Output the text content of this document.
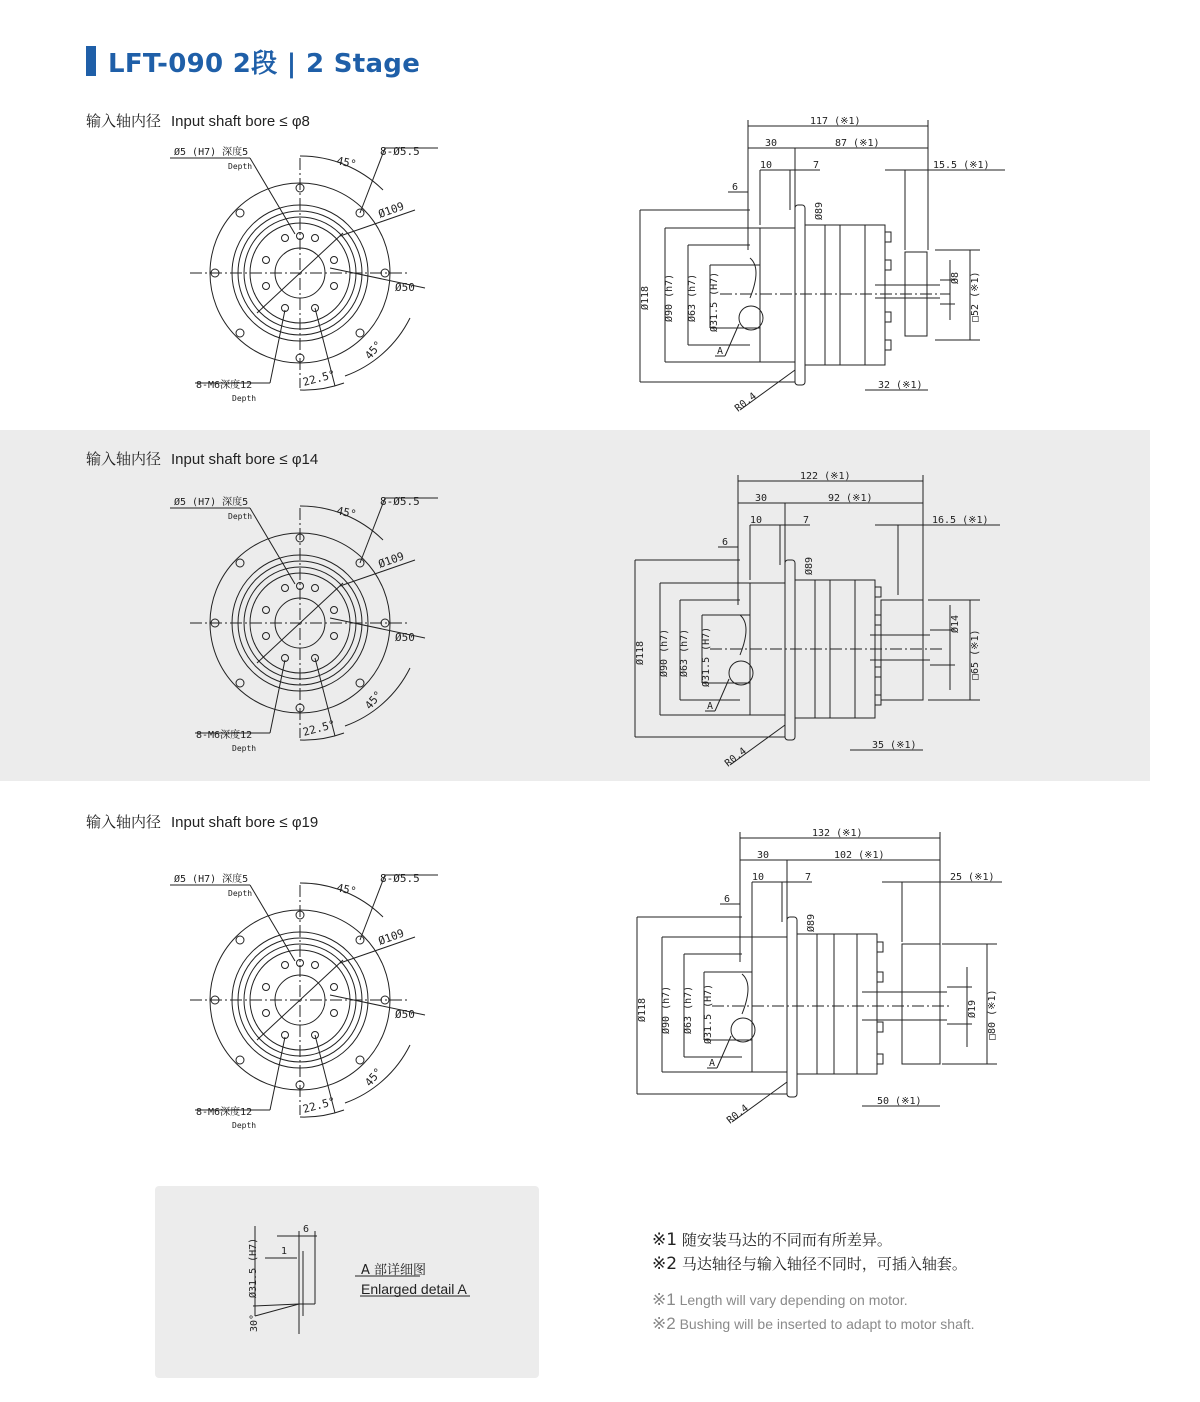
LFT-090 2段 | 2 Stage
输入轴内径 Input shaft bore ≤ φ8
输入轴内径 Input shaft bore ≤ φ14
输入轴内径 Input shaft bore ≤ φ19
Ø5 (H7) 深度5
Depth
8-Ø5.5
45°
Ø109
Ø50
45°
22.5°
8-M6深度12
Depth
Ø5 (H7) 深度5
Depth
8-Ø5.5
45°
Ø109
Ø50
45°
22.5°
8-M6深度12
Depth
Ø5 (H7) 深度5
Depth
8-Ø5.5
45°
Ø109
Ø50
45°
22.5°
8-M6深度12
Depth
117 (※1)
30	87 (※1)
10	7
6
15.5 (※1)
Ø89
Ø118 Ø90 (h7) Ø63 (h7) Ø31.5 (H7)	Ø8 □52 (※1)
32 (※1)
A
R0.4
122 (※1)
30	92 (※1)
10	7
6
16.5 (※1)
Ø89
Ø118 Ø90 (h7) Ø63 (h7) Ø31.5 (H7)
Ø14
□65 (※1)
35 (※1)
A
R0.4
132 (※1)
30	102 (※1)
10	7
6
25 (※1)
Ø89
Ø118 Ø90 (h7) Ø63 (h7) Ø31.5 (H7)	Ø19 □80 (※1)
50 (※1)
A
R0.4
Ø31.5 (H7)
6
1
30°
A 部详细图
Enlarged detail A
※1 随安装马达的不同而有所差异。
※2 马达轴径与输入轴径不同时，可插入轴套。
※1 Length will vary depending on motor.
※2 Bushing will be inserted to adapt to motor shaft.
